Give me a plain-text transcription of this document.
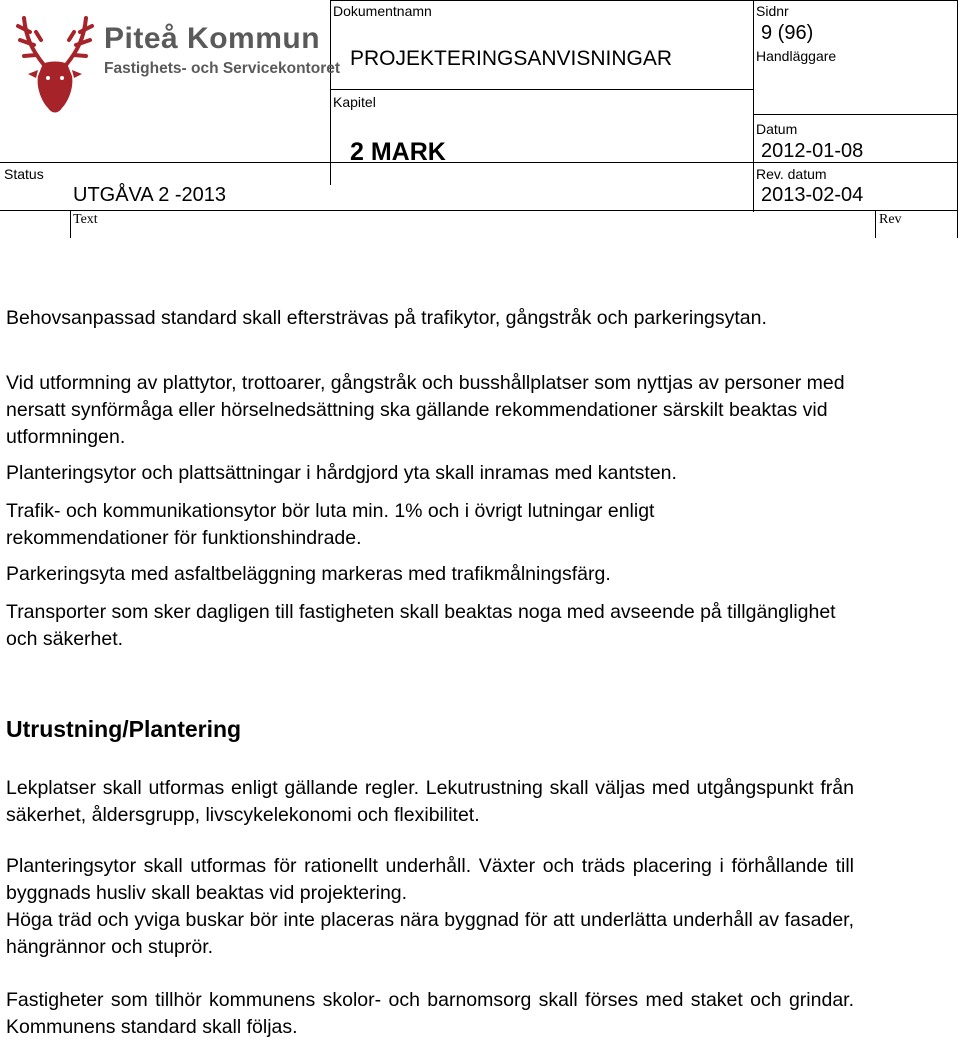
Piteå Kommun
Fastighets- och Servicekontoret
Dokumentnamn
PROJEKTERINGSANVISNINGAR
Sidnr
9 (96)
Handläggare
Kapitel
2 MARK
Datum
2012-01-08
Status
UTGÅVA 2 -2013
Rev. datum
2013-02-04
Text	Rev
Behovsanpassad standard skall eftersträvas på trafikytor, gångstråk och parkeringsytan.
Vid utformning av plattytor, trottoarer, gångstråk och busshållplatser som nyttjas av personer med nersatt synförmåga eller hörselnedsättning ska gällande rekommendationer särskilt beaktas vid utformningen.
Planteringsytor och plattsättningar i hårdgjord yta skall inramas med kantsten.
Trafik- och kommunikationsytor bör luta min. 1% och i övrigt lutningar enligt rekommendationer för funktionshindrade.
Parkeringsyta med asfaltbeläggning markeras med trafikmålningsfärg.
Transporter som sker dagligen till fastigheten skall beaktas noga med avseende på tillgänglighet och säkerhet.
Utrustning/Plantering
Lekplatser skall utformas enligt gällande regler. Lekutrustning skall väljas med utgångspunkt från säkerhet, åldersgrupp, livscykelekonomi och flexibilitet.
Planteringsytor skall utformas för rationellt underhåll. Växter och träds placering i förhållande till byggnads husliv skall beaktas vid projektering.
Höga träd och yviga buskar bör inte placeras nära byggnad för att underlätta underhåll av fasader, hängrännor och stuprör.
Fastigheter som tillhör kommunens skolor- och barnomsorg skall förses med staket och grindar. Kommunens standard skall följas.
